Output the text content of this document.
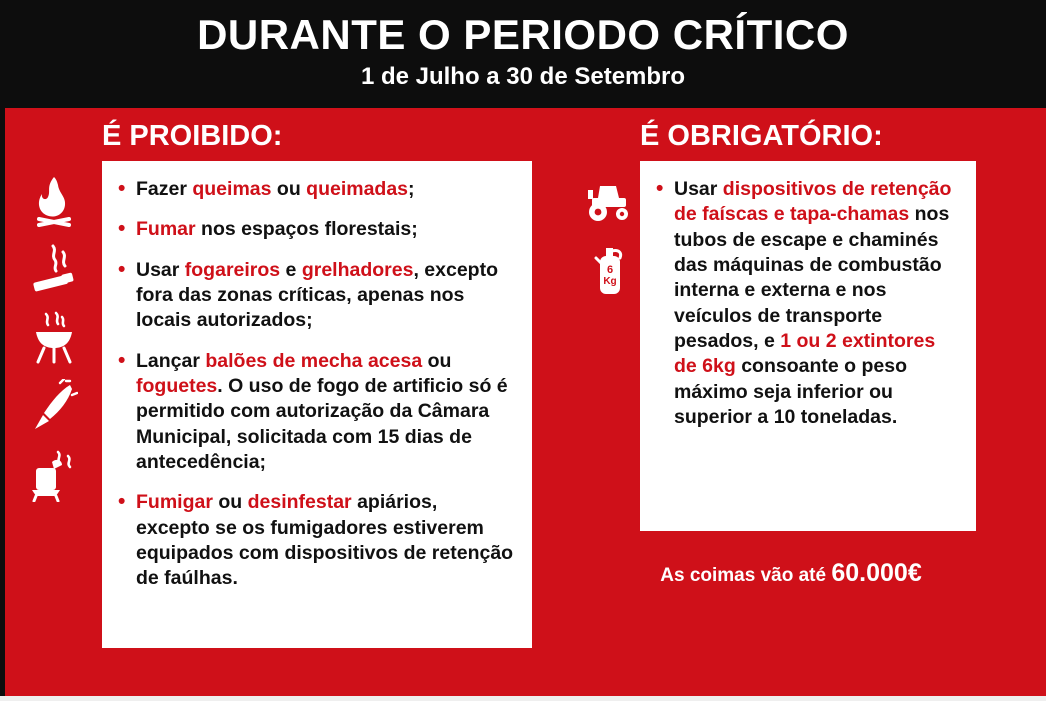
DURANTE O PERIODO CRÍTICO
1 de Julho a 30 de Setembro
É PROIBIDO:
• Fazer queimas ou queimadas;
• Fumar nos espaços florestais;
• Usar fogareiros e grelhadores, excepto fora das zonas críticas, apenas nos locais autorizados;
• Lançar balões de mecha acesa ou foguetes. O uso de fogo de artificio só é permitido com autorização da Câmara Municipal, solicitada com 15 dias de antecedência;
• Fumigar ou desinfestar apiários, excepto se os fumigadores estiverem equipados com dispositivos de retenção de faúlhas.
É OBRIGATÓRIO:
6
Kg
• Usar dispositivos de retenção de faíscas e tapa-chamas nos tubos de escape e chaminés das máquinas de combustão interna e externa e nos veículos de transporte pesados, e 1 ou 2 extintores de 6kg consoante o peso máximo seja inferior ou superior a 10 toneladas.
As coimas vão até 60.000€
